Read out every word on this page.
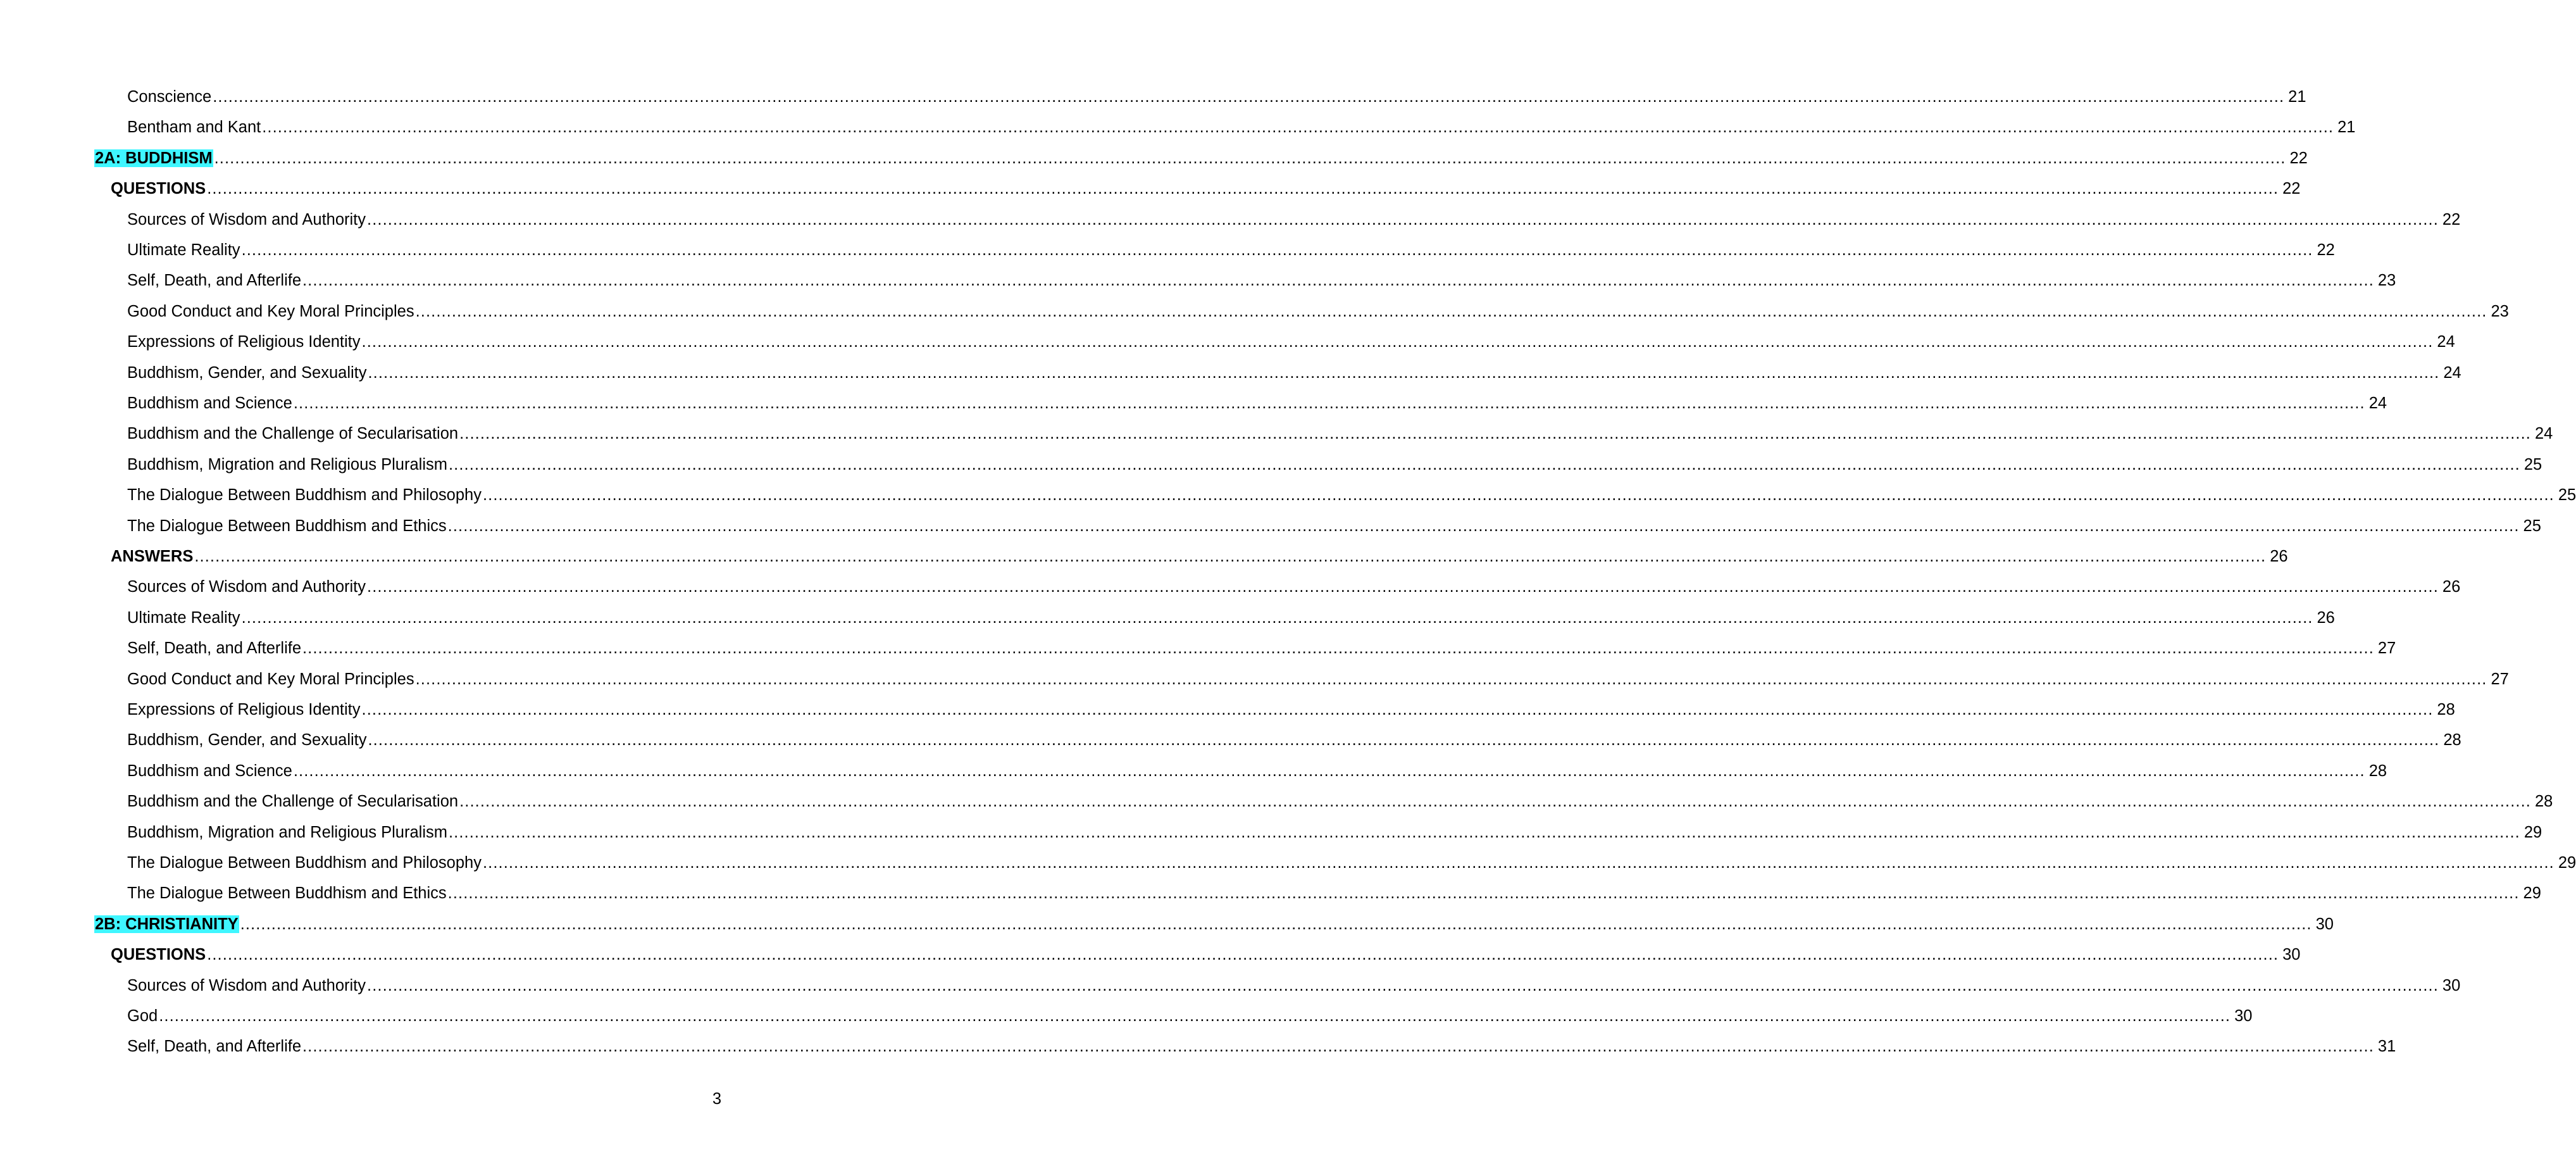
Conscience ................................................................................................................................................................................................................................................................................................................................................................................................................ 21
Bentham and Kant ................................................................................................................................................................................................................................................................................................................................................................................................................ 21
2A: BUDDHISM ................................................................................................................................................................................................................................................................................................................................................................................................................ 22
QUESTIONS ................................................................................................................................................................................................................................................................................................................................................................................................................ 22
Sources of Wisdom and Authority ................................................................................................................................................................................................................................................................................................................................................................................................................ 22
Ultimate Reality ................................................................................................................................................................................................................................................................................................................................................................................................................ 22
Self, Death, and Afterlife ................................................................................................................................................................................................................................................................................................................................................................................................................ 23
Good Conduct and Key Moral Principles ................................................................................................................................................................................................................................................................................................................................................................................................................ 23
Expressions of Religious Identity ................................................................................................................................................................................................................................................................................................................................................................................................................ 24
Buddhism, Gender, and Sexuality ................................................................................................................................................................................................................................................................................................................................................................................................................ 24
Buddhism and Science ................................................................................................................................................................................................................................................................................................................................................................................................................ 24
Buddhism and the Challenge of Secularisation ................................................................................................................................................................................................................................................................................................................................................................................................................ 24
Buddhism, Migration and Religious Pluralism ................................................................................................................................................................................................................................................................................................................................................................................................................ 25
The Dialogue Between Buddhism and Philosophy ................................................................................................................................................................................................................................................................................................................................................................................................................ 25
The Dialogue Between Buddhism and Ethics ................................................................................................................................................................................................................................................................................................................................................................................................................ 25
ANSWERS ................................................................................................................................................................................................................................................................................................................................................................................................................ 26
Sources of Wisdom and Authority ................................................................................................................................................................................................................................................................................................................................................................................................................ 26
Ultimate Reality ................................................................................................................................................................................................................................................................................................................................................................................................................ 26
Self, Death, and Afterlife ................................................................................................................................................................................................................................................................................................................................................................................................................ 27
Good Conduct and Key Moral Principles ................................................................................................................................................................................................................................................................................................................................................................................................................ 27
Expressions of Religious Identity ................................................................................................................................................................................................................................................................................................................................................................................................................ 28
Buddhism, Gender, and Sexuality ................................................................................................................................................................................................................................................................................................................................................................................................................ 28
Buddhism and Science ................................................................................................................................................................................................................................................................................................................................................................................................................ 28
Buddhism and the Challenge of Secularisation ................................................................................................................................................................................................................................................................................................................................................................................................................ 28
Buddhism, Migration and Religious Pluralism ................................................................................................................................................................................................................................................................................................................................................................................................................ 29
The Dialogue Between Buddhism and Philosophy ................................................................................................................................................................................................................................................................................................................................................................................................................ 29
The Dialogue Between Buddhism and Ethics ................................................................................................................................................................................................................................................................................................................................................................................................................ 29
2B: CHRISTIANITY ................................................................................................................................................................................................................................................................................................................................................................................................................ 30
QUESTIONS ................................................................................................................................................................................................................................................................................................................................................................................................................ 30
Sources of Wisdom and Authority ................................................................................................................................................................................................................................................................................................................................................................................................................ 30
God ................................................................................................................................................................................................................................................................................................................................................................................................................ 30
Self, Death, and Afterlife ................................................................................................................................................................................................................................................................................................................................................................................................................ 31
3
